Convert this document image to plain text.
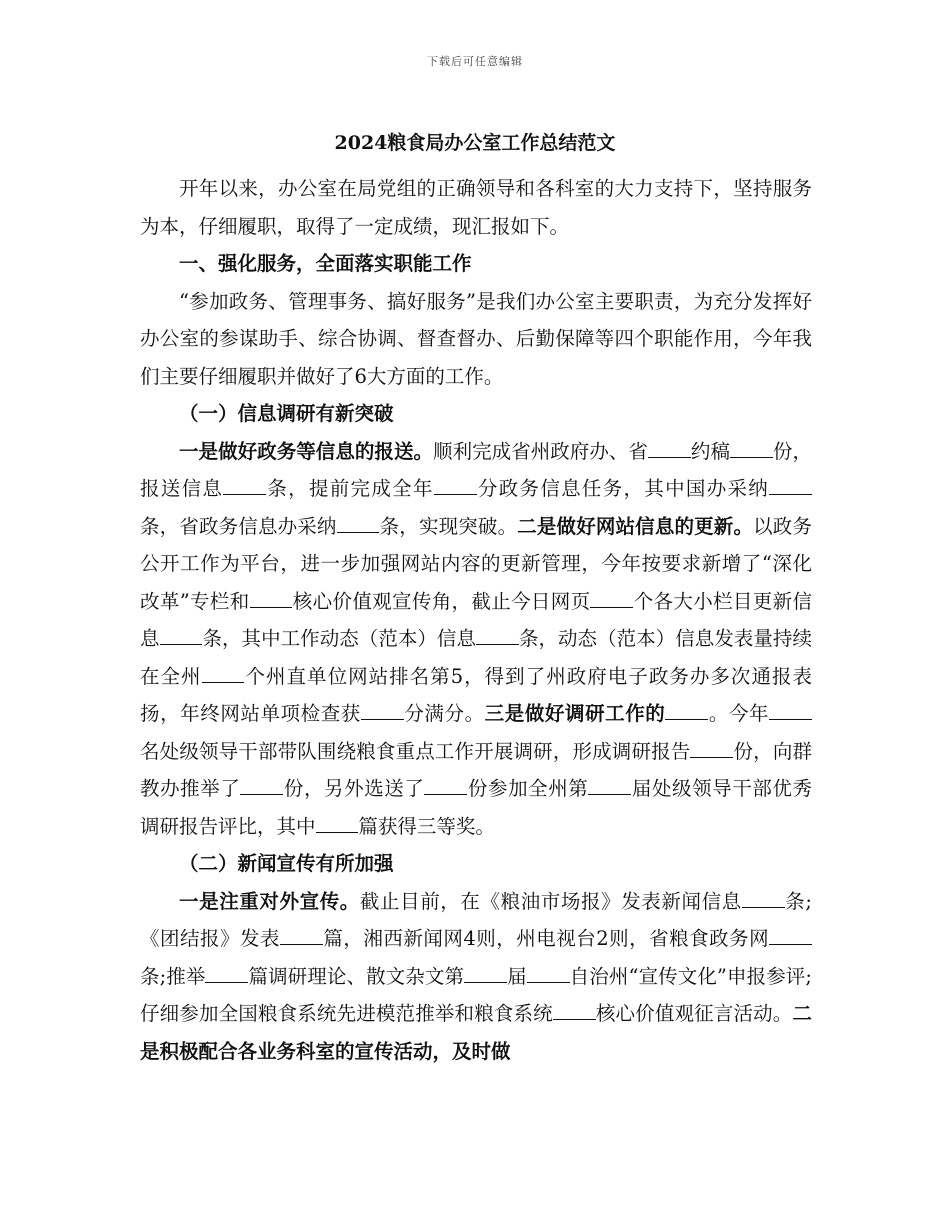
下载后可任意编辑
2024粮食局办公室工作总结范文

开年以来，办公室在局党组的正确领导和各科室的大力支持下，坚持服务为本，仔细履职，取得了一定成绩，现汇报如下。

一、强化服务，全面落实职能工作

“参加政务、管理事务、搞好服务”是我们办公室主要职责，为充分发挥好办公室的参谋助手、综合协调、督查督办、后勤保障等四个职能作用，今年我们主要仔细履职并做好了6大方面的工作。

（一）信息调研有新突破

一是做好政务等信息的报送。顺利完成省州政府办、省 约稿 份，报送信息 条，提前完成全年 分政务信息任务，其中国办采纳条，省政务信息办采纳 条，实现突破。二是做好网站信息的更新。以政务公开工作为平台，进一步加强网站内容的更新管理，今年按要求新增了“深化改革”专栏和 核心价值观宣传角，截止今日网页 个各大小栏目更新信息 条，其中工作动态（范本）信息 条，动态（范本）信息发表量持续在全州 个州直单位网站排名第5，得到了州政府电子政务办多次通报表扬，年终网站单项检查获 分满分。三是做好调研工作的 。今年名处级领导干部带队围绕粮食重点工作开展调研，形成调研报告 份，向群教办推举了 份，另外选送了 份参加全州第 届处级领导干部优秀调研报告评比，其中 篇获得三等奖。

（二）新闻宣传有所加强

一是注重对外宣传。截止目前，在《粮油市场报》发表新闻信息 条;《团结报》发表 篇，湘西新闻网4则，州电视台2则，省粮食政务网条;推举 篇调研理论、散文杂文第 届 自治州“宣传文化”申报参评;仔细参加全国粮食系统先进模范推举和粮食系统 核心价值观征言活动。二是积极配合各业务科室的宣传活动，及时做
